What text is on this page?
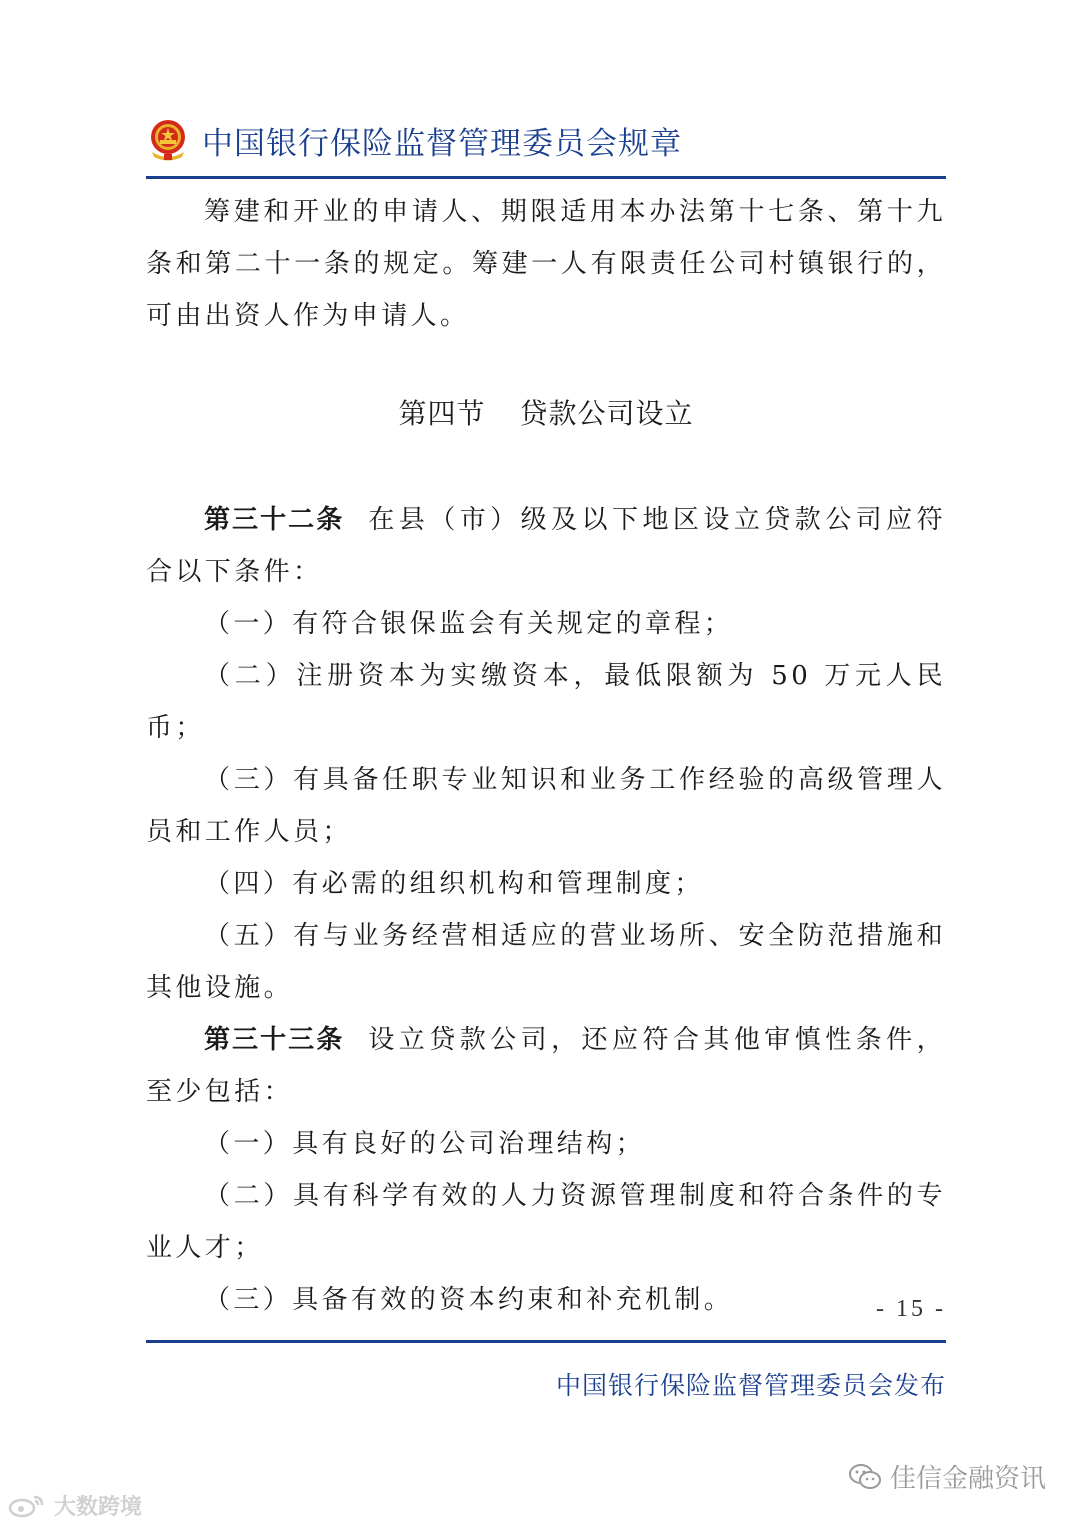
中国银行保险监督管理委员会规章

筹建和开业的申请人、期限适用本办法第十七条、第十九条和第二十一条的规定。筹建一人有限责任公司村镇银行的，可由出资人作为申请人。

第四节 贷款公司设立

第三十二条 在县（市）级及以下地区设立贷款公司应符合以下条件：

（一）有符合银保监会有关规定的章程；

（二）注册资本为实缴资本，最低限额为 50 万元人民币；

（三）有具备任职专业知识和业务工作经验的高级管理人员和工作人员；

（四）有必需的组织机构和管理制度；

（五）有与业务经营相适应的营业场所、安全防范措施和其他设施。

第三十三条 设立贷款公司，还应符合其他审慎性条件，至少包括：

（一）具有良好的公司治理结构；

（二）具有科学有效的人力资源管理制度和符合条件的专业人才；

（三）具备有效的资本约束和补充机制。	- 15 -
中国银行保险监督管理委员会发布
佳信金融资讯
大数跨境
